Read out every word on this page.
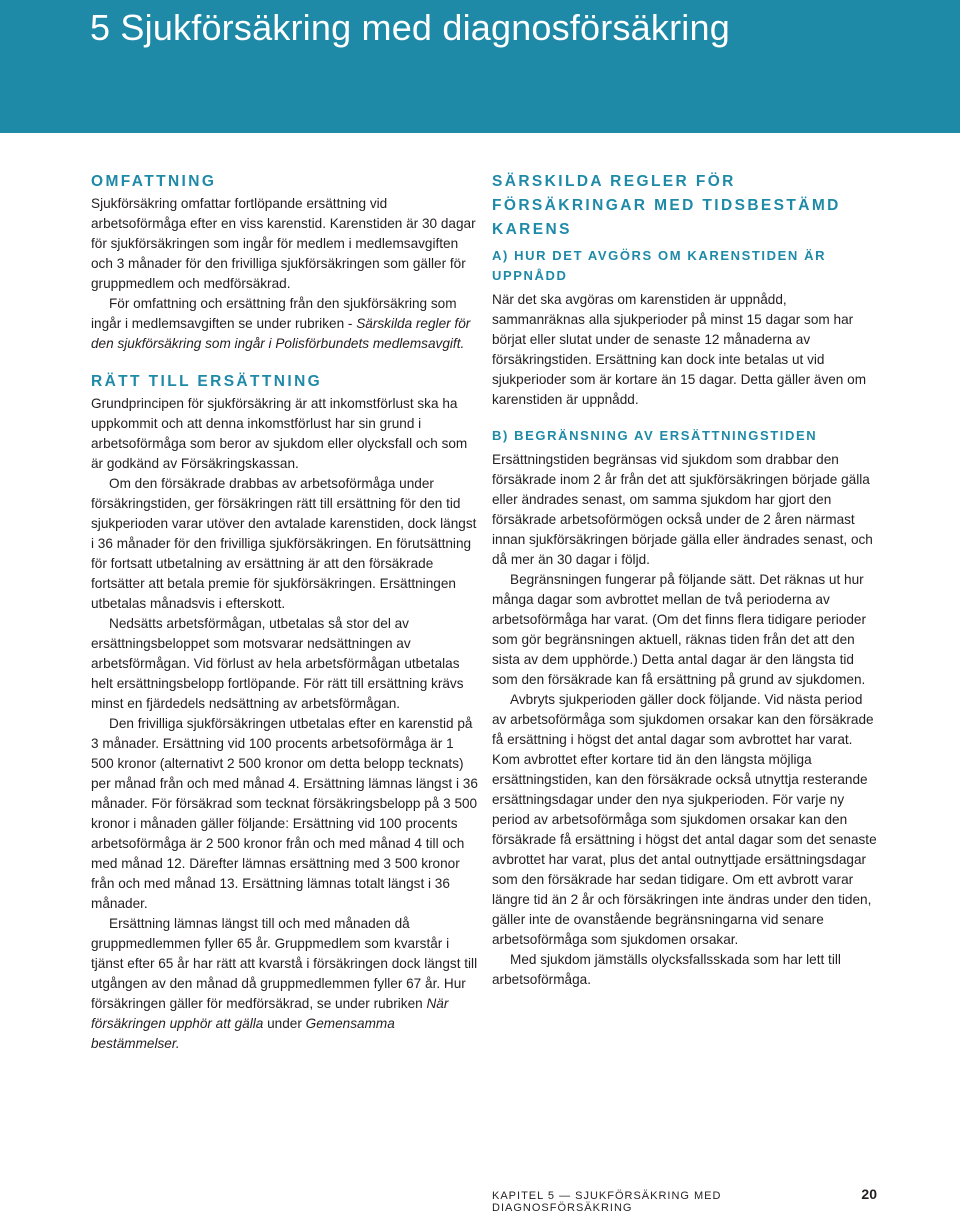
5 Sjukförsäkring med diagnosförsäkring
OMFATTNING

Sjukförsäkring omfattar fortlöpande ersättning vid arbetsoförmåga efter en viss karenstid. Karenstiden är 30 dagar för sjukförsäkringen som ingår för medlem i medlemsavgiften och 3 månader för den frivilliga sjukförsäkringen som gäller för gruppmedlem och medförsäkrad.

För omfattning och ersättning från den sjukförsäkring som ingår i medlemsavgiften se under rubriken - Särskilda regler för den sjukförsäkring som ingår i Polisförbundets medlemsavgift.

RÄTT TILL ERSÄTTNING

Grundprincipen för sjukförsäkring är att inkomstförlust ska ha uppkommit och att denna inkomstförlust har sin grund i arbetsoförmåga som beror av sjukdom eller olycksfall och som är godkänd av Försäkringskassan.

Om den försäkrade drabbas av arbetsoförmåga under försäkringstiden, ger försäkringen rätt till ersättning för den tid sjukperioden varar utöver den avtalade karenstiden, dock längst i 36 månader för den frivilliga sjukförsäkringen. En förutsättning för fortsatt utbetalning av ersättning är att den försäkrade fortsätter att betala premie för sjukförsäkringen. Ersättningen utbetalas månadsvis i efterskott.

Nedsätts arbetsförmågan, utbetalas så stor del av ersättningsbeloppet som motsvarar nedsättningen av arbetsförmågan. Vid förlust av hela arbetsförmågan utbetalas helt ersättningsbelopp fortlöpande. För rätt till ersättning krävs minst en fjärdedels nedsättning av arbetsförmågan.

Den frivilliga sjukförsäkringen utbetalas efter en karenstid på 3 månader. Ersättning vid 100 procents arbetsoförmåga är 1 500 kronor (alternativt 2 500 kronor om detta belopp tecknats) per månad från och med månad 4. Ersättning lämnas längst i 36 månader. För försäkrad som tecknat försäkringsbelopp på 3 500 kronor i månaden gäller följande: Ersättning vid 100 procents arbetsoförmåga är 2 500 kronor från och med månad 4 till och med månad 12. Därefter lämnas ersättning med 3 500 kronor från och med månad 13. Ersättning lämnas totalt längst i 36 månader.

Ersättning lämnas längst till och med månaden då gruppmedlemmen fyller 65 år. Gruppmedlem som kvarstår i tjänst efter 65 år har rätt att kvarstå i försäkringen dock längst till utgången av den månad då gruppmedlemmen fyller 67 år. Hur försäkringen gäller för medförsäkrad, se under rubriken När försäkringen upphör att gälla under Gemensamma bestämmelser.

SÄRSKILDA REGLER FÖR FÖRSÄKRINGAR MED TIDSBESTÄMD KARENS
A) HUR DET AVGÖRS OM KARENSTIDEN ÄR UPPNÅDD

När det ska avgöras om karenstiden är uppnådd, sammanräknas alla sjukperioder på minst 15 dagar som har börjat eller slutat under de senaste 12 månaderna av försäkringstiden. Ersättning kan dock inte betalas ut vid sjukperioder som är kortare än 15 dagar. Detta gäller även om karenstiden är uppnådd.

B) BEGRÄNSNING AV ERSÄTTNINGSTIDEN

Ersättningstiden begränsas vid sjukdom som drabbar den försäkrade inom 2 år från det att sjukförsäkringen började gälla eller ändrades senast, om samma sjukdom har gjort den försäkrade arbetsoförmögen också under de 2 åren närmast innan sjukförsäkringen började gälla eller ändrades senast, och då mer än 30 dagar i följd.

Begränsningen fungerar på följande sätt. Det räknas ut hur många dagar som avbrottet mellan de två perioderna av arbetsoförmåga har varat. (Om det finns flera tidigare perioder som gör begränsningen aktuell, räknas tiden från det att den sista av dem upphörde.) Detta antal dagar är den längsta tid som den försäkrade kan få ersättning på grund av sjukdomen.

Avbryts sjukperioden gäller dock följande. Vid nästa period av arbetsoförmåga som sjukdomen orsakar kan den försäkrade få ersättning i högst det antal dagar som avbrottet har varat. Kom avbrottet efter kortare tid än den längsta möjliga ersättningstiden, kan den försäkrade också utnyttja resterande ersättningsdagar under den nya sjukperioden. För varje ny period av arbetsoförmåga som sjukdomen orsakar kan den försäkrade få ersättning i högst det antal dagar som det senaste avbrottet har varat, plus det antal outnyttjade ersättningsdagar som den försäkrade har sedan tidigare. Om ett avbrott varar längre tid än 2 år och försäkringen inte ändras under den tiden, gäller inte de ovanstående begränsningarna vid senare arbetsoförmåga som sjukdomen orsakar.

Med sjukdom jämställs olycksfallsskada som har lett till arbetsoförmåga.

KAPITEL 5 — SJUKFÖRSÄKRING MED DIAGNOSFÖRSÄKRING
20
